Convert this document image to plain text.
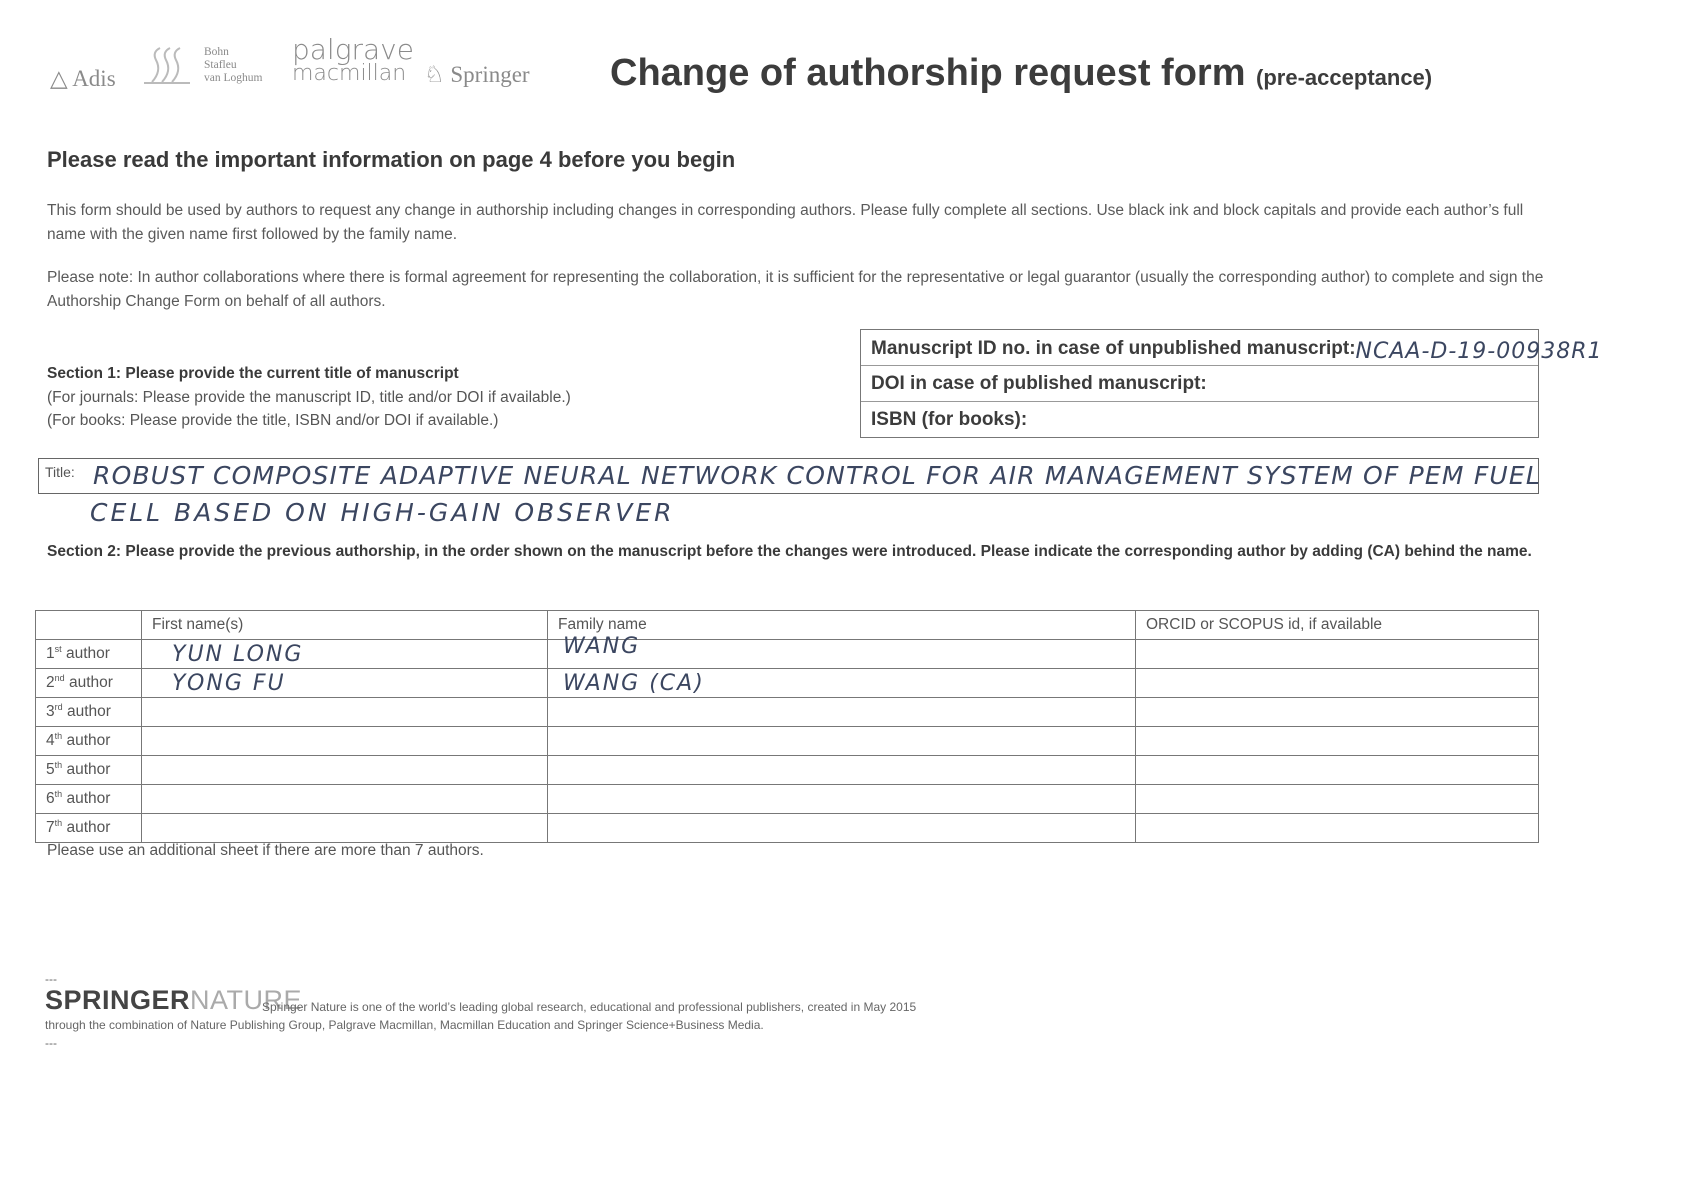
△ Adis
Bohn
Stafleu
van Loghum
palgrave
macmillan ♘ Springer Change of authorship request form (pre-acceptance)
Please read the important information on page 4 before you begin
This form should be used by authors to request any change in authorship including changes in corresponding authors. Please fully complete all sections. Use black ink and block capitals and provide each author’s full name with the given name first followed by the family name.
Please note: In author collaborations where there is formal agreement for representing the collaboration, it is sufficient for the representative or legal guarantor (usually the corresponding author) to complete and sign the Authorship Change Form on behalf of all authors.
Section 1: Please provide the current title of manuscript
(For journals: Please provide the manuscript ID, title and/or DOI if available.)
(For books: Please provide the title, ISBN and/or DOI if available.)
Manuscript ID no. in case of unpublished manuscript:NCAA-D-19-00938R1
DOI in case of published manuscript:
ISBN (for books):
Title: ROBUST COMPOSITE ADAPTIVE NEURAL NETWORK CONTROL FOR AIR MANAGEMENT SYSTEM OF PEM FUEL
CELL BASED ON HIGH-GAIN OBSERVER
Section 2: Please provide the previous authorship, in the order shown on the manuscript before the changes were introduced. Please indicate the corresponding author by adding (CA) behind the name.
	First name(s)	Family name	ORCID or SCOPUS id, if available
1st author	YUN LONG	WANG	

2nd author	YONG FU	WANG (CA)	

3rd author	

4th author	

5th author	

6th author	

7th author	

Please use an additional sheet if there are more than 7 authors.
---
SPRINGERNATURE
Springer Nature is one of the world’s leading global research, educational and professional publishers, created in May 2015
through the combination of Nature Publishing Group, Palgrave Macmillan, Macmillan Education and Springer Science+Business Media.
---
